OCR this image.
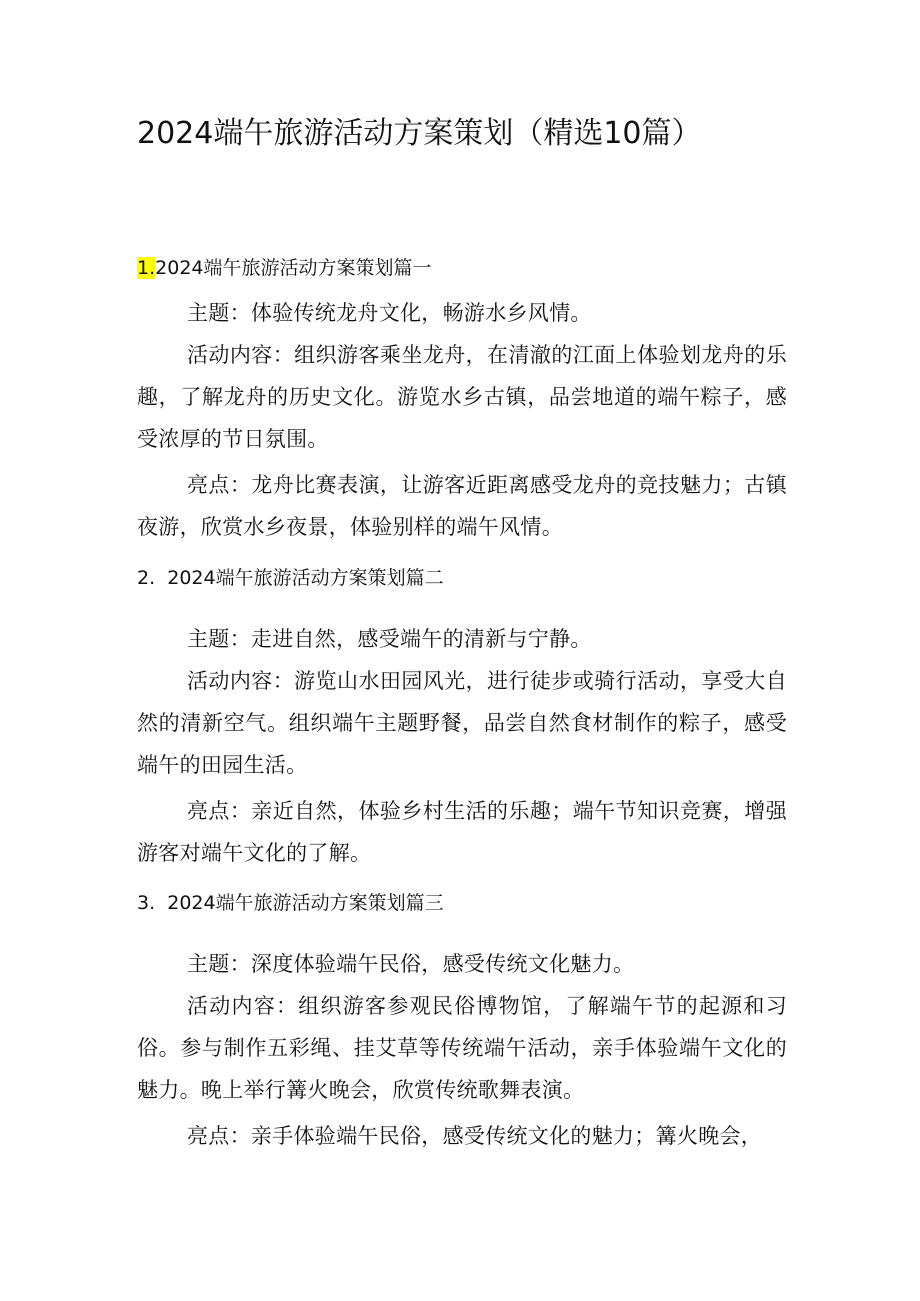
2024端午旅游活动方案策划（精选10篇）
1.2024端午旅游活动方案策划篇一

主题：体验传统龙舟文化，畅游水乡风情。

活动内容：组织游客乘坐龙舟，在清澈的江面上体验划龙舟的乐趣，了解龙舟的历史文化。游览水乡古镇，品尝地道的端午粽子，感受浓厚的节日氛围。

亮点：龙舟比赛表演，让游客近距离感受龙舟的竞技魅力；古镇夜游，欣赏水乡夜景，体验别样的端午风情。

2. 2024端午旅游活动方案策划篇二

主题：走进自然，感受端午的清新与宁静。

活动内容：游览山水田园风光，进行徒步或骑行活动，享受大自然的清新空气。组织端午主题野餐，品尝自然食材制作的粽子，感受端午的田园生活。

亮点：亲近自然，体验乡村生活的乐趣；端午节知识竞赛，增强游客对端午文化的了解。

3. 2024端午旅游活动方案策划篇三

主题：深度体验端午民俗，感受传统文化魅力。

活动内容：组织游客参观民俗博物馆，了解端午节的起源和习俗。参与制作五彩绳、挂艾草等传统端午活动，亲手体验端午文化的魅力。晚上举行篝火晚会，欣赏传统歌舞表演。

亮点：亲手体验端午民俗，感受传统文化的魅力；篝火晚会，
